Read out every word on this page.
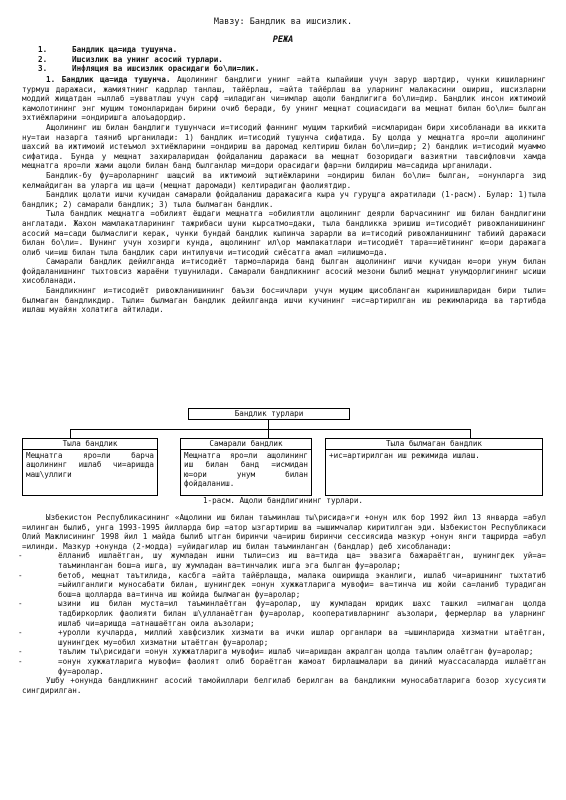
Мавзу: Бандлик ва ишсизлик.
РЕЖА
1.	Бандлик ща=ида тушунча.
2.	Ишсизлик ва унинг асосий турлари.
3.	Инфляция ва ишсизлик орасидаги бо\ли=лик.

1. Бандлик ща=ида тушунча. Ащолининг бандлиги унинг =айта кыпайиши учун зарур шартдир, чунки кишиларнинг турмуш даражаси, жамиятнинг кадрлар танлаш, тайёрлаш, =айта тайёрлаш ва уларнинг малакасини ошириш, ишсизларни моддий жищатдан =ыллаб =увватлаш учун сарф =иладиган чи=имлар ащоли бандлигига бо\ли=дир. Бандлик инсон ижтимоий камолотининг энг мущим томонларидан бирини очиб беради, бу унинг мещнат социасидаги ва мещнат билан бо\ли= былган эхтиёжларини =ондиришга алоъадордир.

Ащолининг иш билан бандлиги тушунчаси и=тисодий фаннинг мущим таркибий =исмларидан бири хисобланади ва иккита ну=таи назарга таяниб ырганилади: 1) бандлик и=тисодий тушунча сифатида. Бу щолда у мещнатга яро=ли ащолининг шахсий ва ижтимоий истеъмол эхтиёжларини =ондириш ва даромад келтириш билан бо\ли=дир; 2) бандлик и=тисодий муаммо сифатида. Бунда у мещнат захираларидан фойдаланиш даражаси ва мещнат бозоридаги вазиятни тавсифловчи хамда мещнатга яро=ли жами ащоли билан банд былганлар ми=дори орасидаги фар=ни билдириш ма=садида ырганилади.

Бандлик-бу фу=ароларнинг шащсий ва ижтимоий эщтиёжларини =ондириш билан бо\ли= былган, =онунларга зид келмайдиган ва уларга иш ща=и (мещнат даромади) келтирадиган фаолиятдир.

Бандлик щолати ишчи кучидан самарали фойдаланиш даражасига кыра уч гурущга ажратилади (1-расм). Булар: 1)тыла бандлик; 2) самарали бандлик; 3) тыла былмаган бандлик.

Тыла бандлик мещнатга =обилият ёшдаги мещнатга =обилиятли ащолининг деярли барчасининг иш билан бандлигини англатади. Жахон мамлакатларининг тажрибаси шуни кырсатмо=даки, тыла бандликка эришиш и=тисодиёт ривожланишининг асосий ма=сади былмаслиги керак, чунки бундай бандлик кыпинча зарарли ва и=тисодий ривожланишнинг табиий даражаси билан бо\ли=. Шунинг учун хозирги кунда, ащолининг ил\ор мамлакатлари и=тисодиёт тара==иётининг ю=ори даражага олиб чи=иш билан тыла бандлик сари интилувчи и=тисодий сиёсатга амал =илишмо=да.

Самарали бандлик дейилганда и=тисодиёт тармо=ларида банд былган ащолининг ишчи кучидан ю=ори унум билан фойдаланишнинг тыхтовсиз жараёни тушунилади. Самарали бандликнинг асосий мезони былиб мещнат унумдорлигининг ысиши хисобланади.

Бандликнинг и=тисодиёт ривожланишининг баъзи бос=ичлари учун мущим щисобланган кыринишларидан бири тыли= былмаган бандликдир. Тыли= былмаган бандлик дейилганда ишчи кучининг =ис=артирилган иш режимларида ва тартибда ишлаш муайян холатига айтилади.

Бандлик турлари
Тыла бандлик
Мещнатга яро=ли барча ащолининг ишлаб чи=аришда маш\уллиги
Самарали бандлик
Мещнатга яро=ли ащолининг иш билан банд =исмидан ю=ори унум билан фойдаланиш.
Тыла былмаган бандлик
+ис=артирилган иш режимида ишлаш.
1-расм. Ащоли бандлигининг турлари.

Ызбекистон Республикасининг «Ащолини иш билан таъминлаш ты\рисида»ги +онун илк бор 1992 йил 13 январда =абул =илинган былиб, унга 1993-1995 йилларда бир =атор ызгартириш ва =ышимчалар киритилган эди. Ызбекистон Республикаси Олий Мажлисининг 1998 йил 1 майда былиб ытган биринчи ча=ириш биринчи сессиясида мазкур +онун янги тащрирда =абул =илинди. Мазкур +онунда (2-модда) =уйидагилар иш билан таъминланган (бандлар) деб хисобланади:

-	ёлланиб ишлаётган, шу жумладан ишни тыли=сиз иш ва=тида ща= эвазига бажараётган, шунингдек уй=а= таъминланган бош=а ишга, шу жумладан ва=тинчалик ишга эга былган фу=аролар;

-	бетоб, мещнат таътилида, касбга =айта тайёрлашда, малака оширишда эканлиги, ишлаб чи=аришнинг тыхтатиб =ыйилганлиги муносабати билан, шунингдек =онун хужжатларига мувофи= ва=тинча иш жойи са=ланиб турадиган бош=а щолларда ва=тинча иш жойида былмаган фу=аролар;

-	ызини иш билан муста=ил таъминлаётган фу=аролар, шу жумладан юридик шахс ташкил =илмаган щолда тадбиркорлик фаолияти билан ш\улланаётган фу=аролар, кооперативларнинг аъзолари, фермерлар ва уларнинг ишлаб чи=аришда =атнашаётган оила аъзолари;

-	+уролли кучларда, миллий хавфсизлик хизмати ва ички ишлар органлари ва =ышинларида хизматни ытаётган, шунингдек му=обил хизматни ытаётган фу=аролар;

-	таълим ты\рисидаги =онун хужжатларига мувофи= ишлаб чи=аришдан ажралган щолда таълим олаётган фу=аролар;

-	=онун хужжатларига мувофи= фаолият олиб бораётган жамоат бирлашмалари ва диний муассасаларда ишлаётган фу=аролар.

Ушбу +онунда бандликнинг асосий тамойиллари белгилаб берилган ва бандликни муносабатларига бозор хусусияти сингдирилган.
